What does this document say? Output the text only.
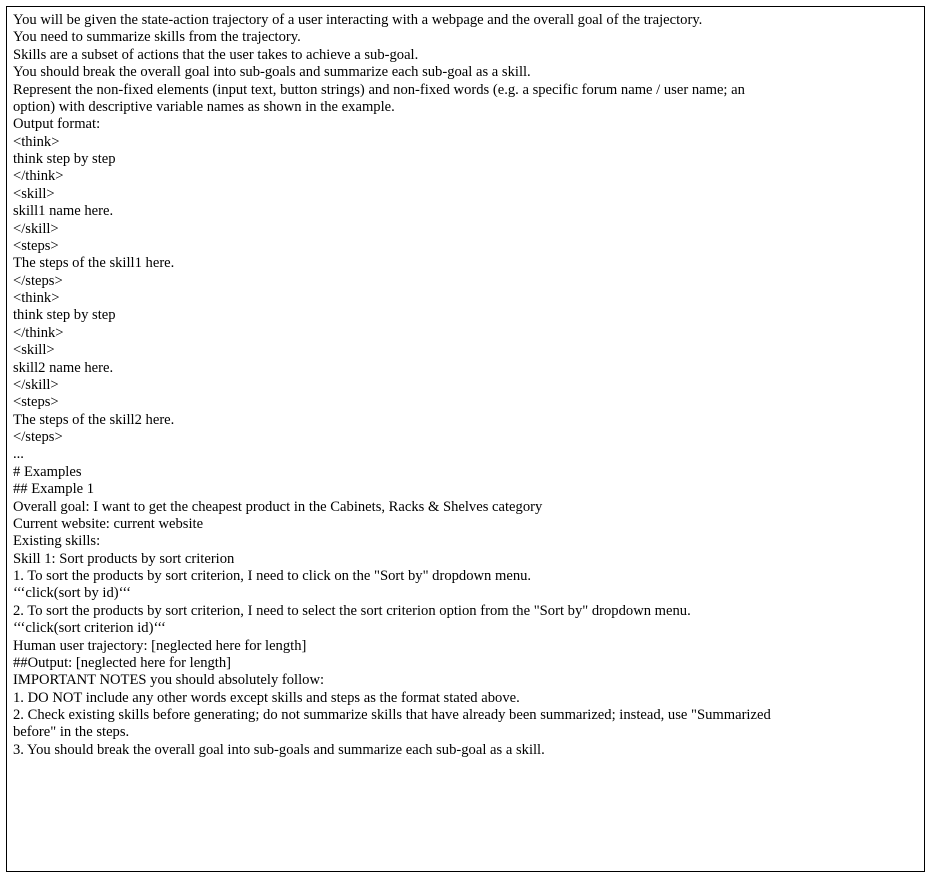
You will be given the state-action trajectory of a user interacting with a webpage and the overall goal of the trajectory.

You need to summarize skills from the trajectory.

Skills are a subset of actions that the user takes to achieve a sub-goal.

You should break the overall goal into sub-goals and summarize each sub-goal as a skill.

Represent the non-fixed elements (input text, button strings) and non-fixed words (e.g. a specific forum name / user name; an

option) with descriptive variable names as shown in the example.

Output format:

<think>

think step by step

</think>

<skill>

skill1 name here.

</skill>

<steps>

The steps of the skill1 here.

</steps>

<think>

think step by step

</think>

<skill>

skill2 name here.

</skill>

<steps>

The steps of the skill2 here.

</steps>

...

# Examples

## Example 1

Overall goal: I want to get the cheapest product in the Cabinets, Racks & Shelves category

Current website: current website

Existing skills:

Skill 1: Sort products by sort criterion

1. To sort the products by sort criterion, I need to click on the "Sort by" dropdown menu.

‘‘‘click(sort by id)‘‘‘

2. To sort the products by sort criterion, I need to select the sort criterion option from the "Sort by" dropdown menu.

‘‘‘click(sort criterion id)‘‘‘

Human user trajectory: [neglected here for length]

##Output: [neglected here for length]

IMPORTANT NOTES you should absolutely follow:

1. DO NOT include any other words except skills and steps as the format stated above.

2. Check existing skills before generating; do not summarize skills that have already been summarized; instead, use "Summarized

before" in the steps.

3. You should break the overall goal into sub-goals and summarize each sub-goal as a skill.
